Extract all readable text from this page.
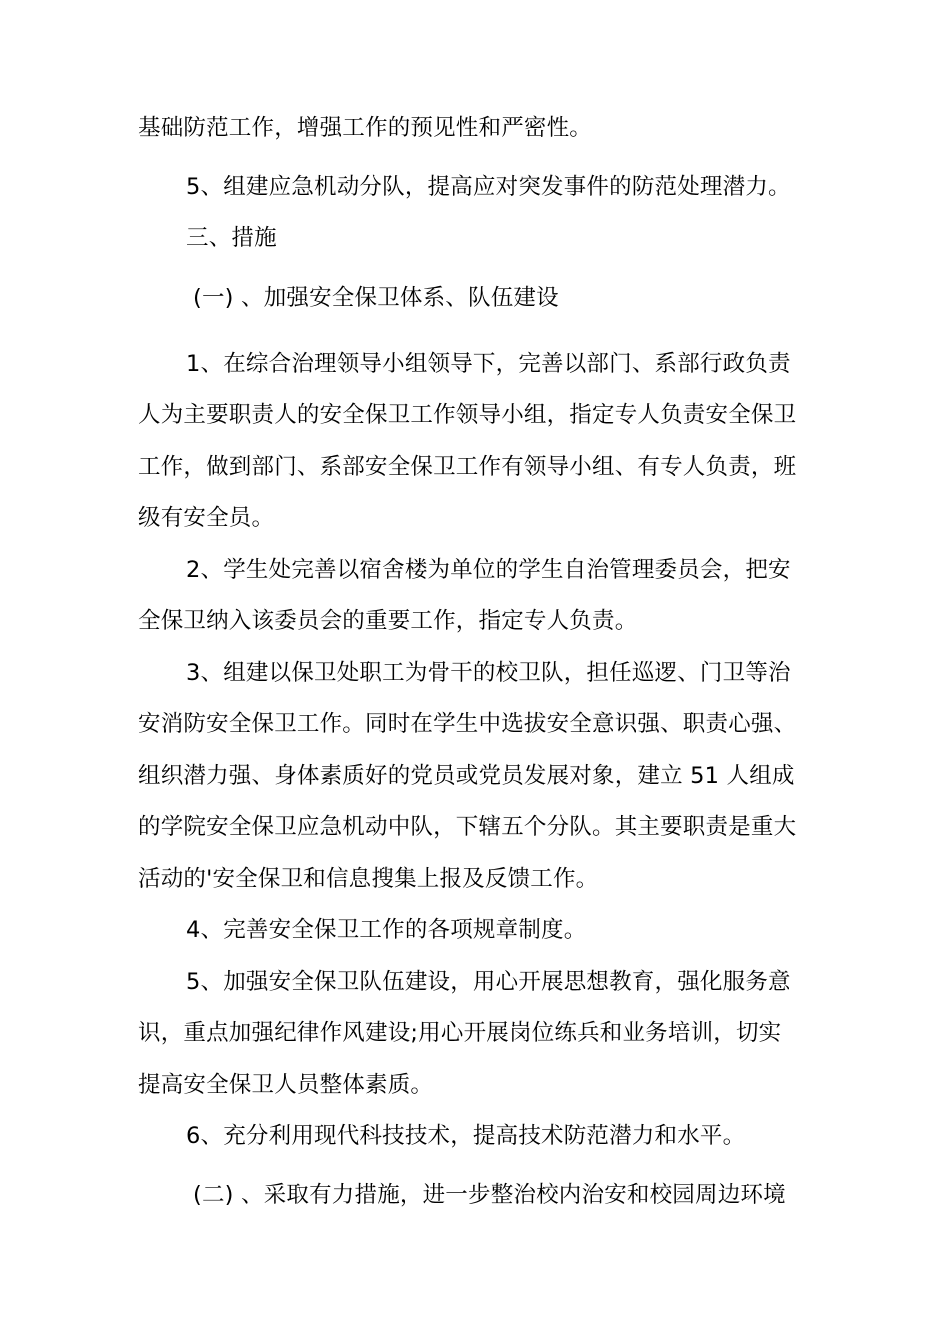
基础防范工作，增强工作的预见性和严密性。
5、组建应急机动分队，提高应对突发事件的防范处理潜力。
三、措施
(一) 、加强安全保卫体系、队伍建设
1、在综合治理领导小组领导下，完善以部门、系部行政负责
人为主要职责人的安全保卫工作领导小组，指定专人负责安全保卫
工作，做到部门、系部安全保卫工作有领导小组、有专人负责，班
级有安全员。
2、学生处完善以宿舍楼为单位的学生自治管理委员会，把安
全保卫纳入该委员会的重要工作，指定专人负责。
3、组建以保卫处职工为骨干的校卫队，担任巡逻、门卫等治
安消防安全保卫工作。同时在学生中选拔安全意识强、职责心强、
组织潜力强、身体素质好的党员或党员发展对象，建立 51 人组成
的学院安全保卫应急机动中队，下辖五个分队。其主要职责是重大
活动的'安全保卫和信息搜集上报及反馈工作。
4、完善安全保卫工作的各项规章制度。
5、加强安全保卫队伍建设，用心开展思想教育，强化服务意
识，重点加强纪律作风建设;用心开展岗位练兵和业务培训，切实
提高安全保卫人员整体素质。
6、充分利用现代科技技术，提高技术防范潜力和水平。
(二) 、采取有力措施，进一步整治校内治安和校园周边环境
